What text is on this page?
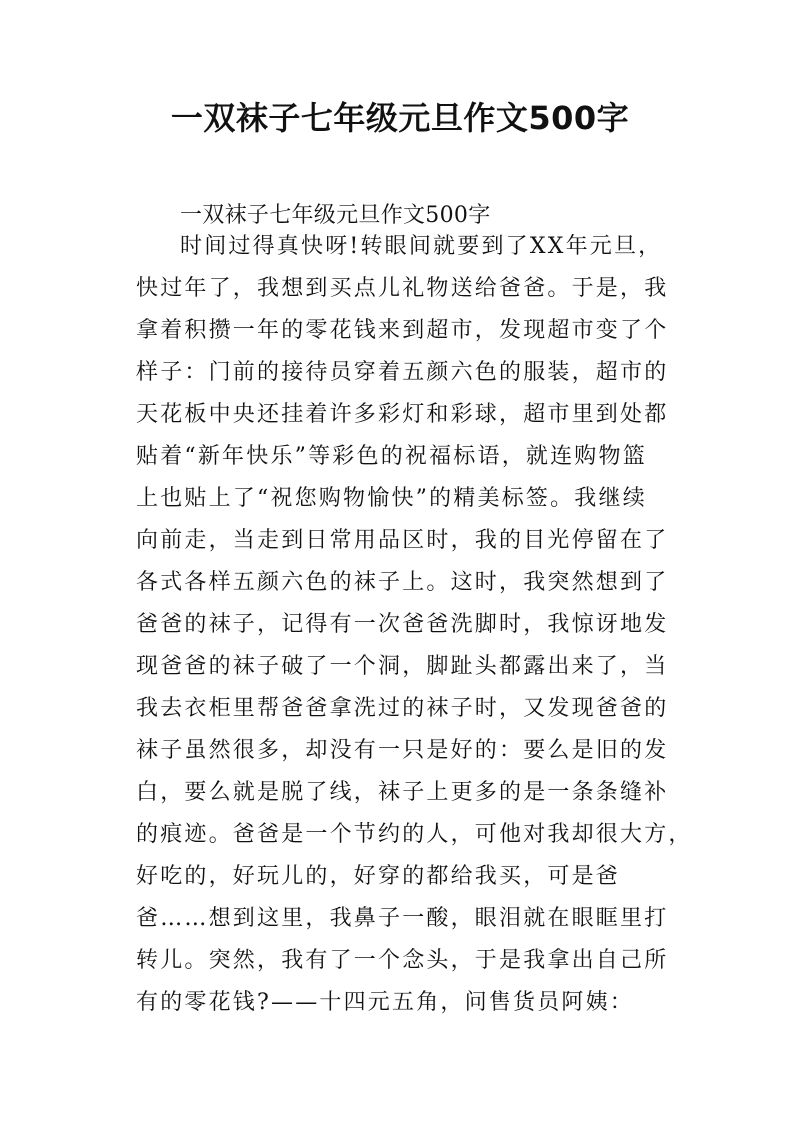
一双袜子七年级元旦作文500字
一双袜子七年级元旦作文500字
时间过得真快呀!转眼间就要到了XX年元旦，
快过年了，我想到买点儿礼物送给爸爸。于是，我
拿着积攒一年的零花钱来到超市，发现超市变了个
样子：门前的接待员穿着五颜六色的服装，超市的
天花板中央还挂着许多彩灯和彩球，超市里到处都
贴着“新年快乐”等彩色的祝福标语，就连购物篮
上也贴上了“祝您购物愉快”的精美标签。我继续
向前走，当走到日常用品区时，我的目光停留在了
各式各样五颜六色的袜子上。这时，我突然想到了
爸爸的袜子，记得有一次爸爸洗脚时，我惊讶地发
现爸爸的袜子破了一个洞，脚趾头都露出来了，当
我去衣柜里帮爸爸拿洗过的袜子时，又发现爸爸的
袜子虽然很多，却没有一只是好的：要么是旧的发
白，要么就是脱了线，袜子上更多的是一条条缝补
的痕迹。爸爸是一个节约的人，可他对我却很大方，
好吃的，好玩儿的，好穿的都给我买，可是爸
爸……想到这里，我鼻子一酸，眼泪就在眼眶里打
转儿。突然，我有了一个念头，于是我拿出自己所
有的零花钱?——十四元五角，问售货员阿姨：
